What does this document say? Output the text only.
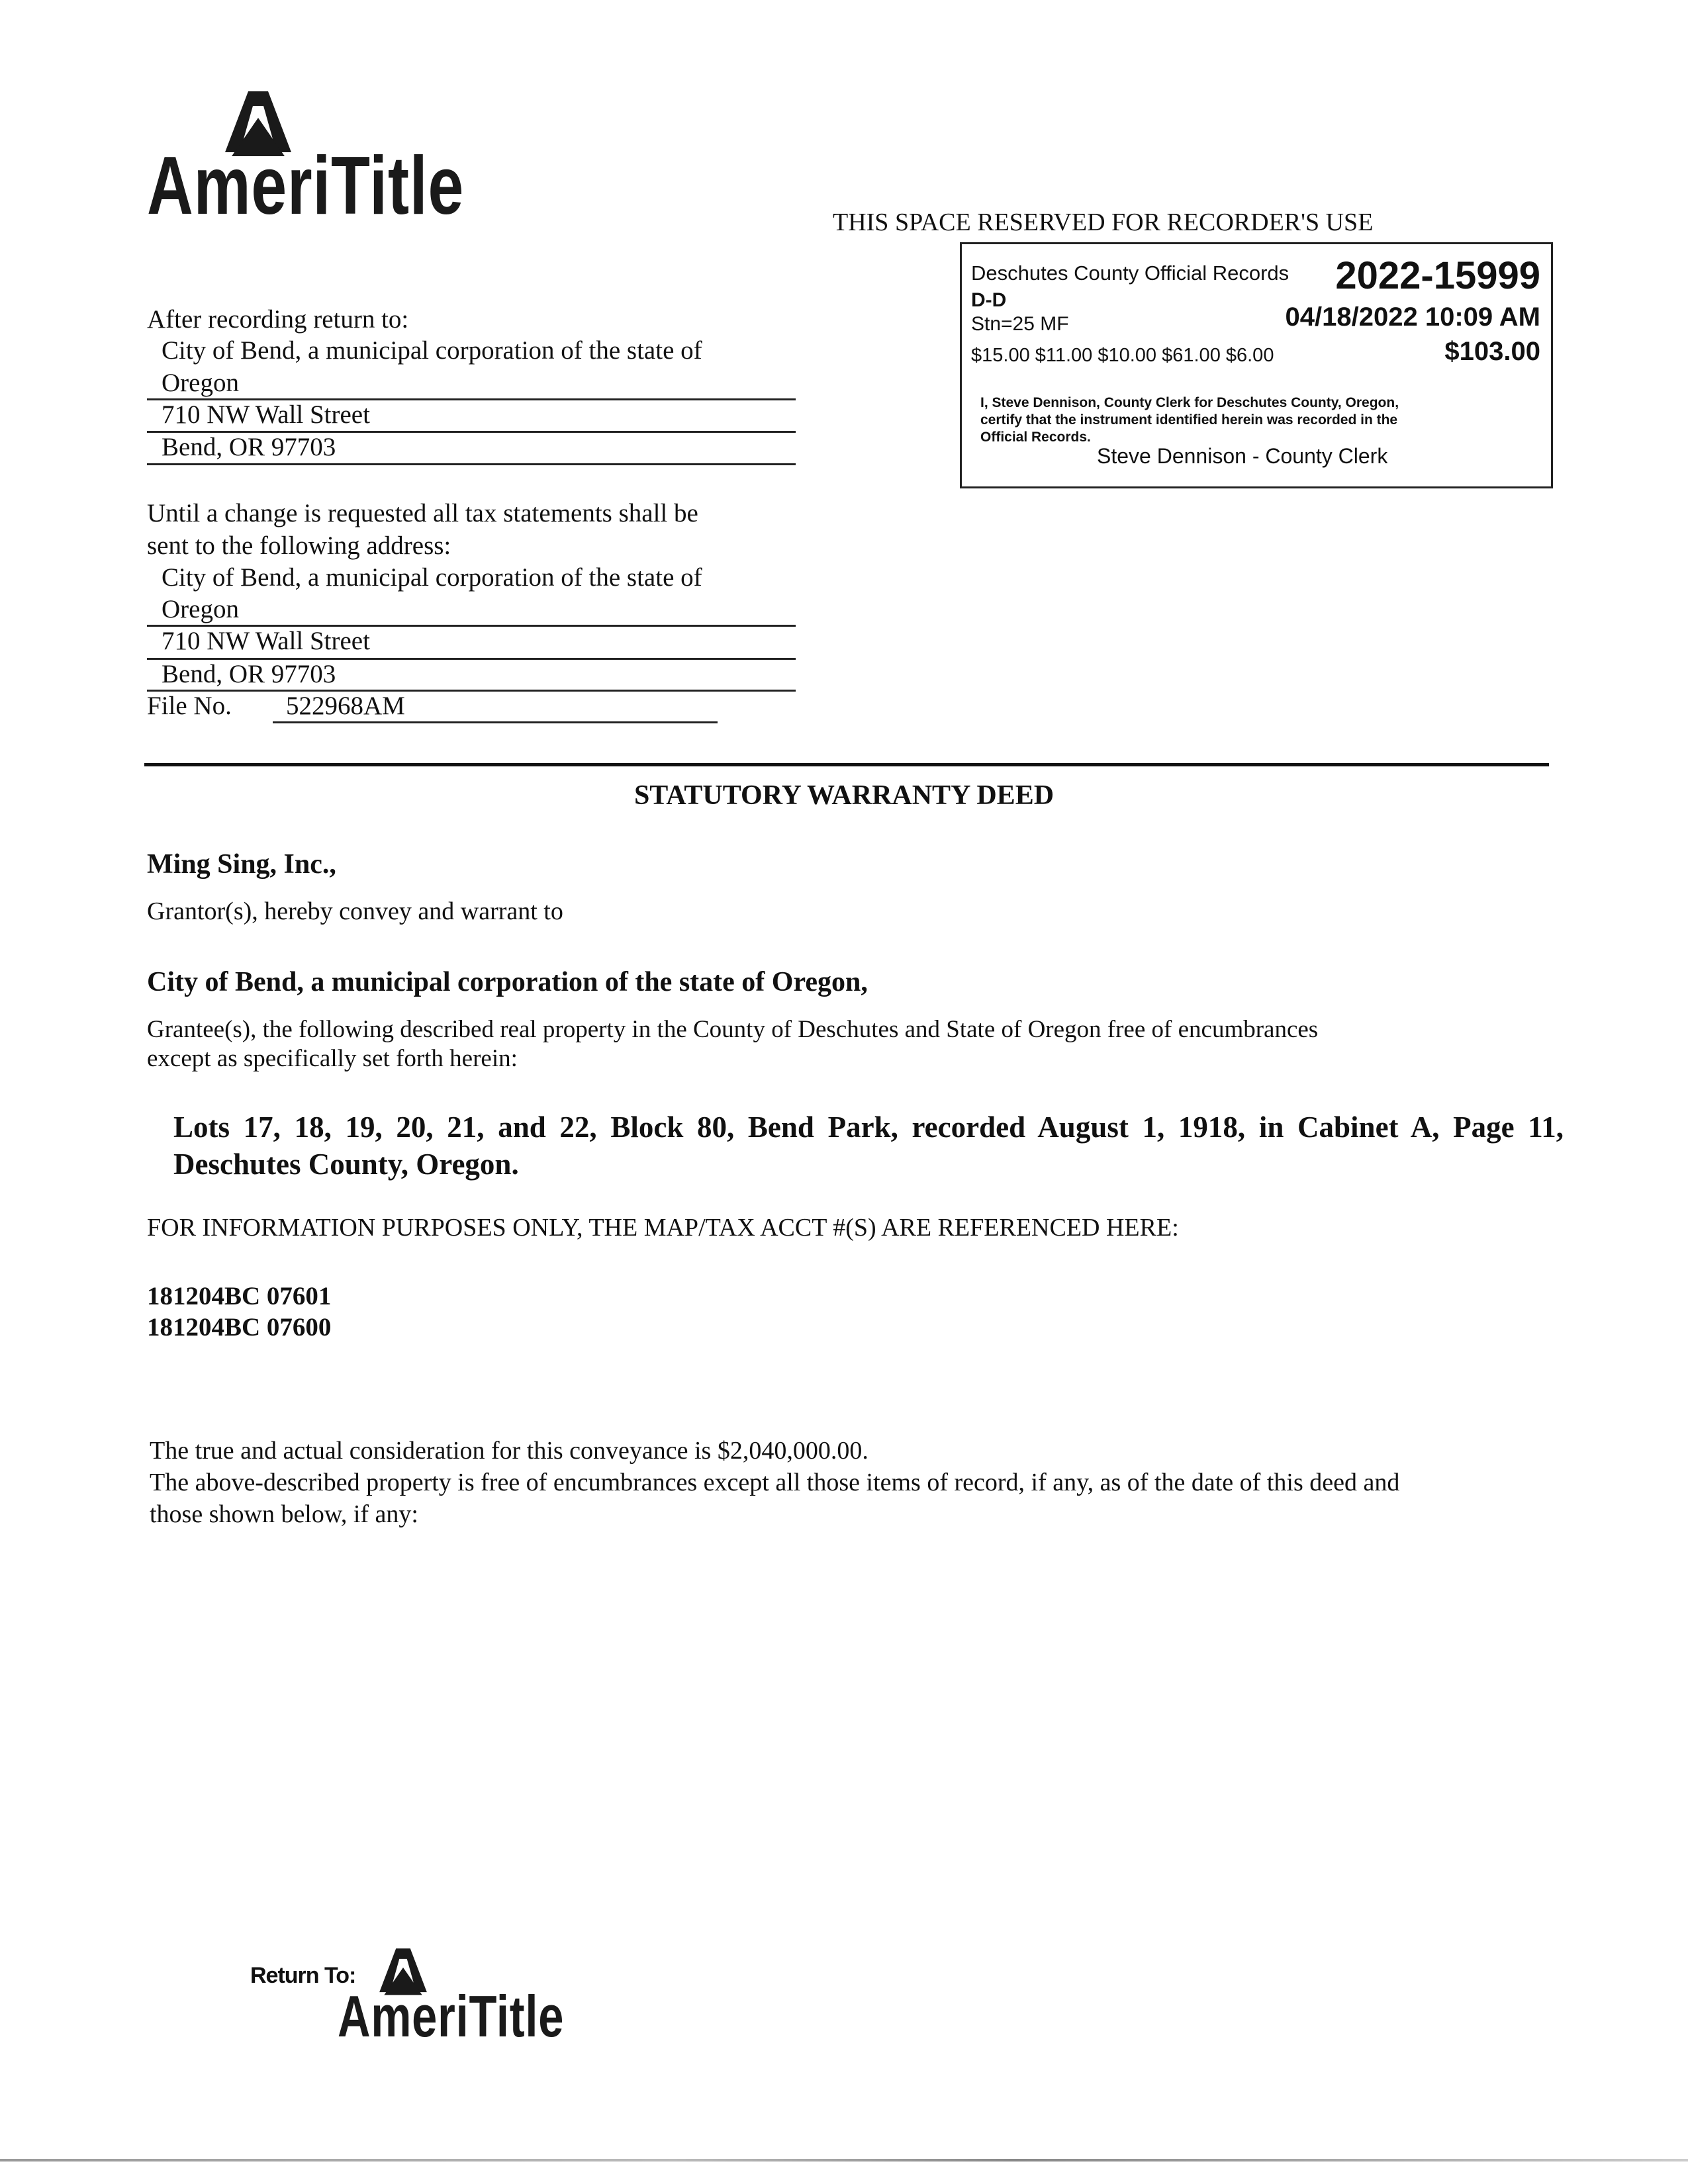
AmeriTitle	THIS SPACE RESERVED FOR RECORDER'S USE
Deschutes County Official Records 2022-15999
D-D
Stn=25 MF	04/18/2022 10:09 AM
$15.00 $11.00 $10.00 $61.00 $6.00	$103.00
I, Steve Dennison, County Clerk for Deschutes County, Oregon,
certify that the instrument identified herein was recorded in the
Official Records.
Steve Dennison - County Clerk
After recording return to:
City of Bend, a municipal corporation of the state of
Oregon
710 NW Wall Street
Bend, OR 97703
Until a change is requested all tax statements shall be
sent to the following address:
City of Bend, a municipal corporation of the state of
Oregon
710 NW Wall Street
Bend, OR 97703
File No. 522968AM
STATUTORY WARRANTY DEED
Ming Sing, Inc.,
Grantor(s), hereby convey and warrant to
City of Bend, a municipal corporation of the state of Oregon,
Grantee(s), the following described real property in the County of Deschutes and State of Oregon free of encumbrances
except as specifically set forth herein:
Lots 17, 18, 19, 20, 21, and 22, Block 80, Bend Park, recorded August 1, 1918, in Cabinet A, Page 11, Deschutes County, Oregon.
FOR INFORMATION PURPOSES ONLY, THE MAP/TAX ACCT #(S) ARE REFERENCED HERE:
181204BC 07601
181204BC 07600
The true and actual consideration for this conveyance is $2,040,000.00.
The above-described property is free of encumbrances except all those items of record, if any, as of the date of this deed and
those shown below, if any:
Return To:
AmeriTitle
